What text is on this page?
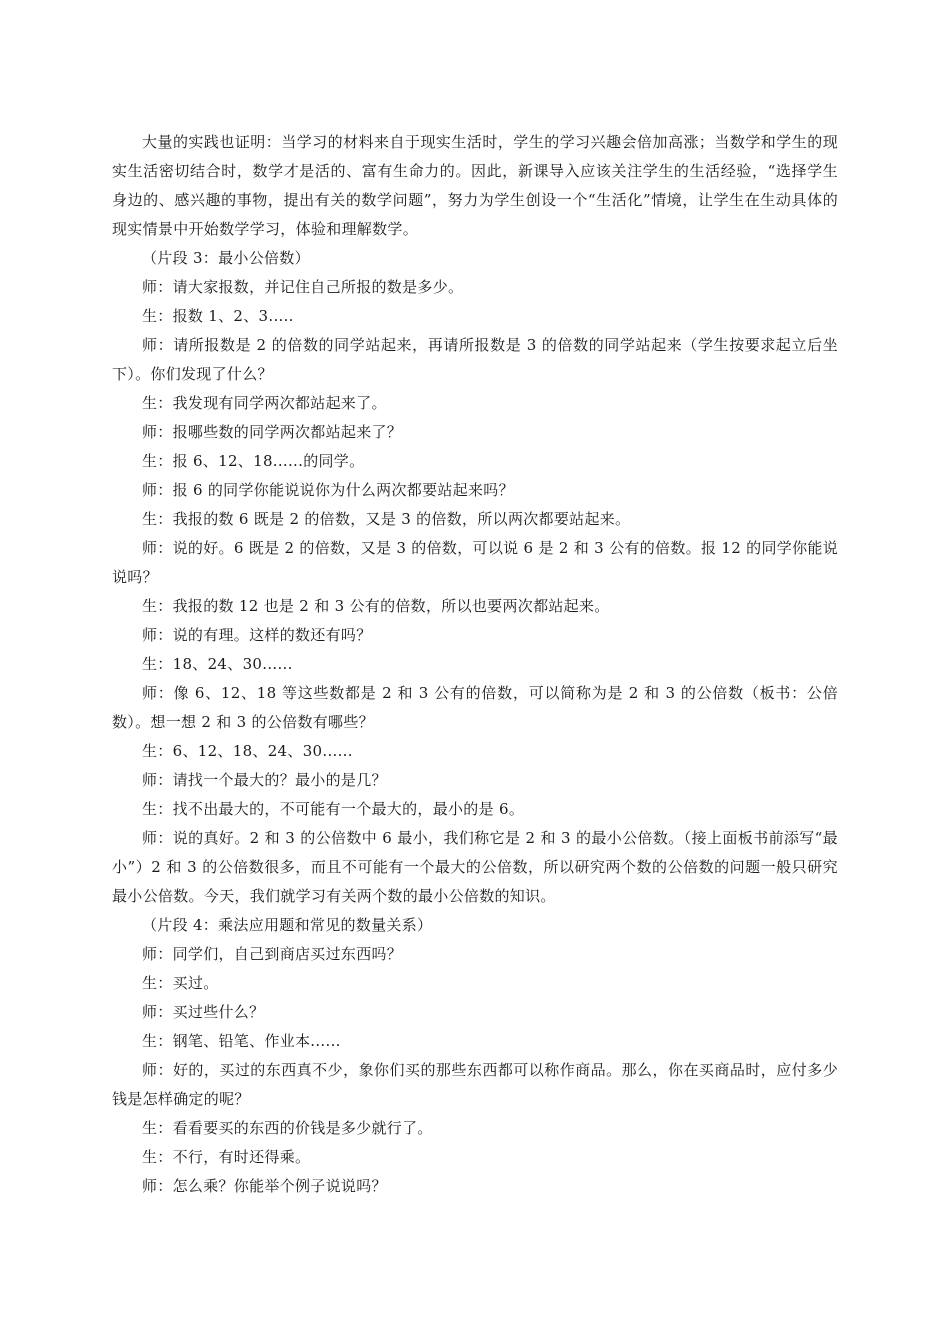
大量的实践也证明：当学习的材料来自于现实生活时，学生的学习兴趣会倍加高涨；当数学和学生的现实生活密切结合时，数学才是活的、富有生命力的。因此，新课导入应该关注学生的生活经验，“选择学生身边的、感兴趣的事物，提出有关的数学问题”，努力为学生创设一个“生活化”情境，让学生在生动具体的现实情景中开始数学学习，体验和理解数学。

（片段 3：最小公倍数）

师：请大家报数，并记住自己所报的数是多少。

生：报数 1、2、3.....

师：请所报数是 2 的倍数的同学站起来，再请所报数是 3 的倍数的同学站起来（学生按要求起立后坐下）。你们发现了什么？

生：我发现有同学两次都站起来了。

师：报哪些数的同学两次都站起来了？

生：报 6、12、18......的同学。

师：报 6 的同学你能说说你为什么两次都要站起来吗？

生：我报的数 6 既是 2 的倍数，又是 3 的倍数，所以两次都要站起来。

师：说的好。6 既是 2 的倍数，又是 3 的倍数，可以说 6 是 2 和 3 公有的倍数。报 12 的同学你能说说吗？

生：我报的数 12 也是 2 和 3 公有的倍数，所以也要两次都站起来。

师：说的有理。这样的数还有吗？

生：18、24、30......

师：像 6、12、18 等这些数都是 2 和 3 公有的倍数，可以简称为是 2 和 3 的公倍数（板书：公倍数）。想一想 2 和 3 的公倍数有哪些？

生：6、12、18、24、30......

师：请找一个最大的？最小的是几？

生：找不出最大的，不可能有一个最大的，最小的是 6。

师：说的真好。2 和 3 的公倍数中 6 最小，我们称它是 2 和 3 的最小公倍数。（接上面板书前添写“最小”）2 和 3 的公倍数很多，而且不可能有一个最大的公倍数，所以研究两个数的公倍数的问题一般只研究最小公倍数。今天，我们就学习有关两个数的最小公倍数的知识。

（片段 4：乘法应用题和常见的数量关系）

师：同学们，自己到商店买过东西吗？

生：买过。

师：买过些什么？

生：钢笔、铅笔、作业本......

师：好的，买过的东西真不少，象你们买的那些东西都可以称作商品。那么，你在买商品时，应付多少钱是怎样确定的呢？

生：看看要买的东西的价钱是多少就行了。

生：不行，有时还得乘。

师：怎么乘？你能举个例子说说吗？
